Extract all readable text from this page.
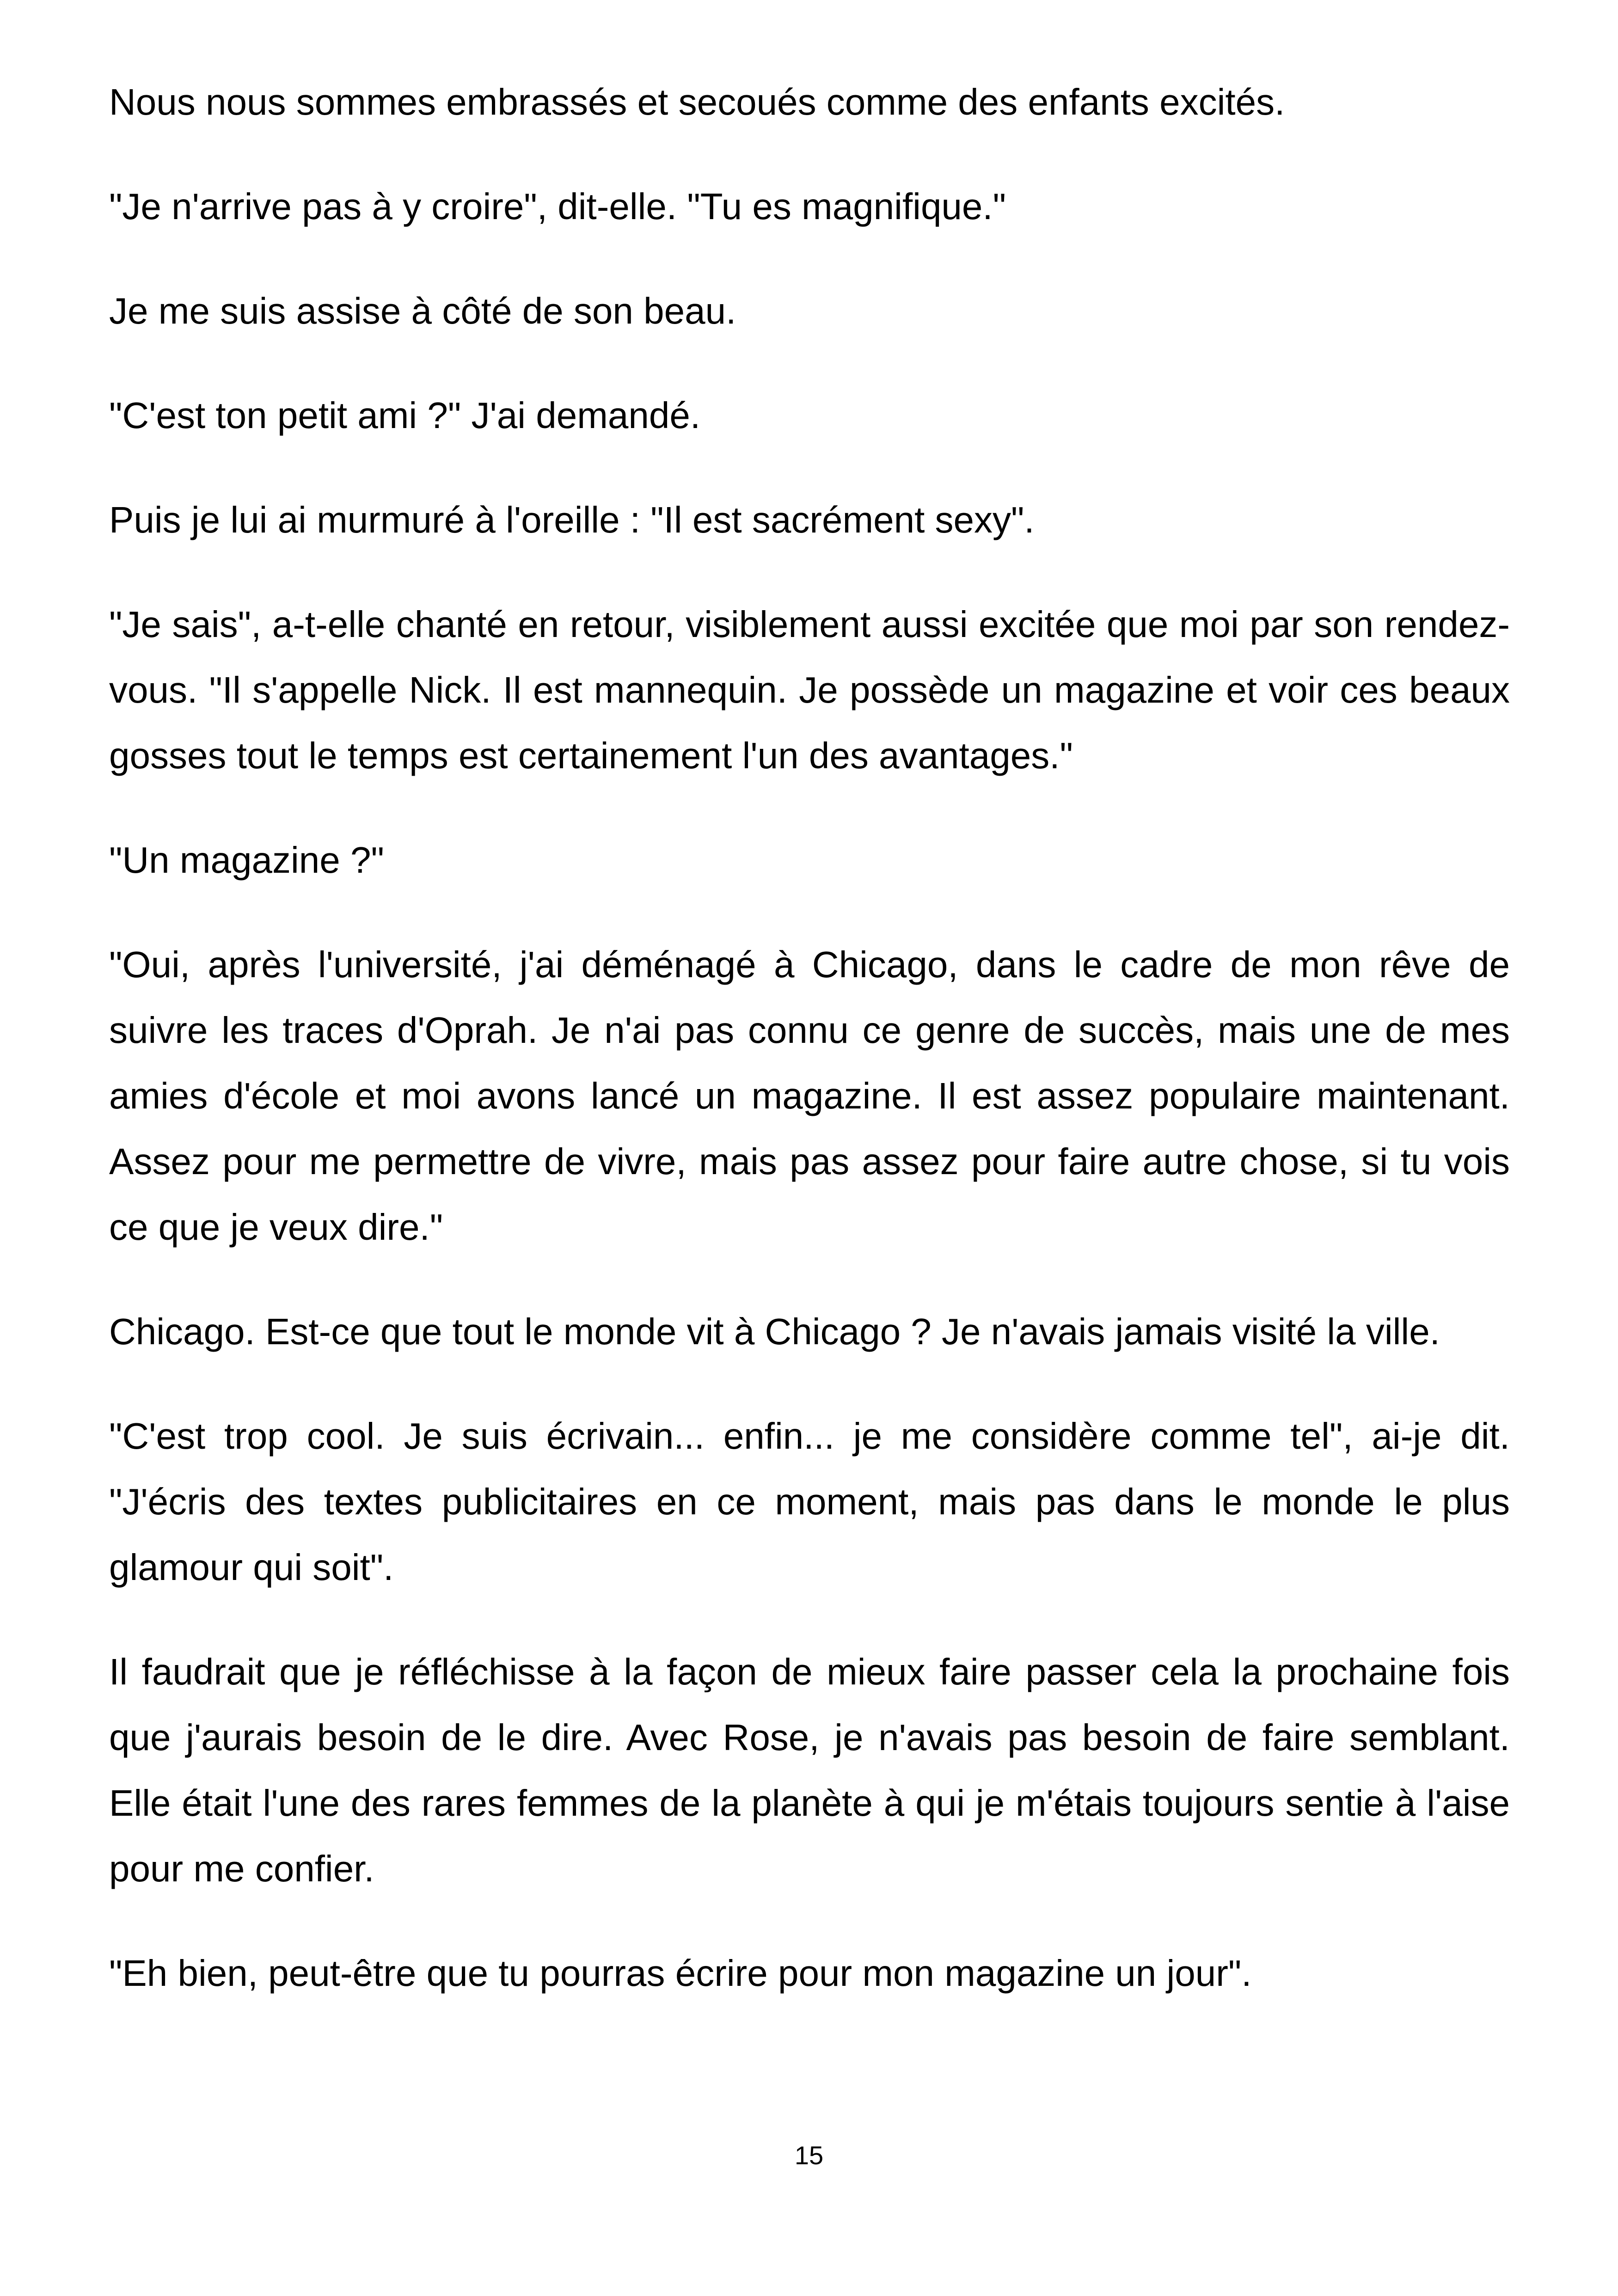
Nous nous sommes embrassés et secoués comme des enfants excités.

"Je n'arrive pas à y croire", dit-elle. "Tu es magnifique."

Je me suis assise à côté de son beau.

"C'est ton petit ami ?" J'ai demandé.

Puis je lui ai murmuré à l'oreille : "Il est sacrément sexy".

"Je sais", a-t-elle chanté en retour, visiblement aussi excitée que moi par son rendez-vous. "Il s'appelle Nick. Il est mannequin. Je possède un magazine et voir ces beaux gosses tout le temps est certainement l'un des avantages."

"Un magazine ?"

"Oui, après l'université, j'ai déménagé à Chicago, dans le cadre de mon rêve de suivre les traces d'Oprah. Je n'ai pas connu ce genre de succès, mais une de mes amies d'école et moi avons lancé un magazine. Il est assez populaire maintenant. Assez pour me permettre de vivre, mais pas assez pour faire autre chose, si tu vois ce que je veux dire."

Chicago. Est-ce que tout le monde vit à Chicago ? Je n'avais jamais visité la ville.

"C'est trop cool. Je suis écrivain... enfin... je me considère comme tel", ai-je dit. "J'écris des textes publicitaires en ce moment, mais pas dans le monde le plus glamour qui soit".

Il faudrait que je réfléchisse à la façon de mieux faire passer cela la prochaine fois que j'aurais besoin de le dire. Avec Rose, je n'avais pas besoin de faire semblant. Elle était l'une des rares femmes de la planète à qui je m'étais toujours sentie à l'aise pour me confier.

"Eh bien, peut-être que tu pourras écrire pour mon magazine un jour".

15
